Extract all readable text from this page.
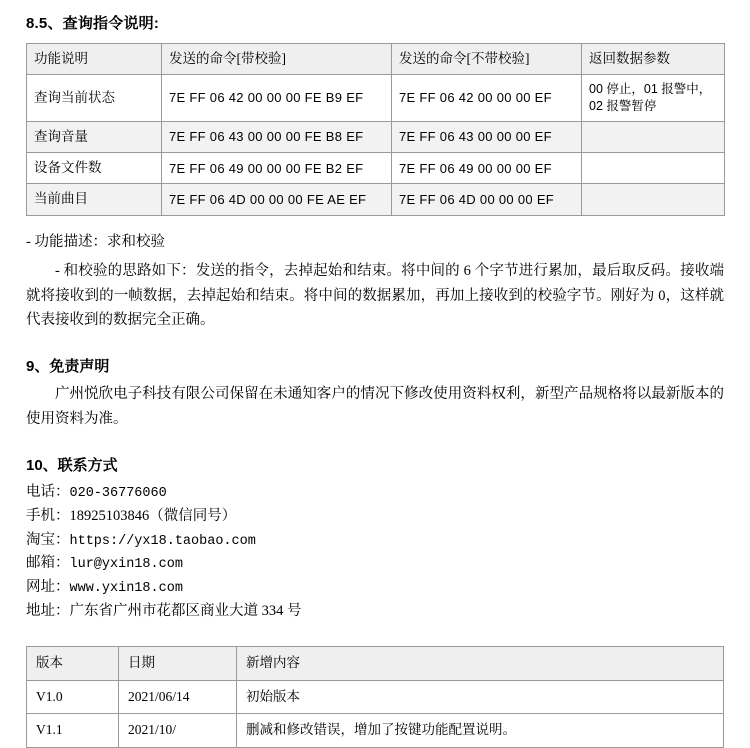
8.5、查询指令说明:
功能说明	发送的命令[带校验]	发送的命令[不带校验]	返回数据参数
查询当前状态	7E FF 06 42 00 00 00 FE B9 EF	7E FF 06 42 00 00 00 EF	00 停止，01 报警中，02 报警暂停
查询音量	7E FF 06 43 00 00 00 FE B8 EF	7E FF 06 43 00 00 00 EF	
设备文件数	7E FF 06 49 00 00 00 FE B2 EF	7E FF 06 49 00 00 00 EF	
当前曲目	7E FF 06 4D 00 00 00 FE AE EF	7E FF 06 4D 00 00 00 EF	
- 功能描述：求和校验
- 和校验的思路如下：发送的指令，去掉起始和结束。将中间的 6 个字节进行累加，最后取反码。接收端就将接收到的一帧数据，去掉起始和结束。将中间的数据累加，再加上接收到的校验字节。刚好为 0，这样就代表接收到的数据完全正确。
9、免责声明
广州悦欣电子科技有限公司保留在未通知客户的情况下修改使用资料权利，新型产品规格将以最新版本的使用资料为准。
10、联系方式
电话：020-36776060
手机：18925103846（微信同号）
淘宝：https://yx18.taobao.com
邮箱：lur@yxin18.com
网址：www.yxin18.com
地址：广东省广州市花都区商业大道 334 号
版本	日期	新增内容
V1.0	2021/06/14	初始版本
V1.1	2021/10/	删减和修改错误，增加了按键功能配置说明。
